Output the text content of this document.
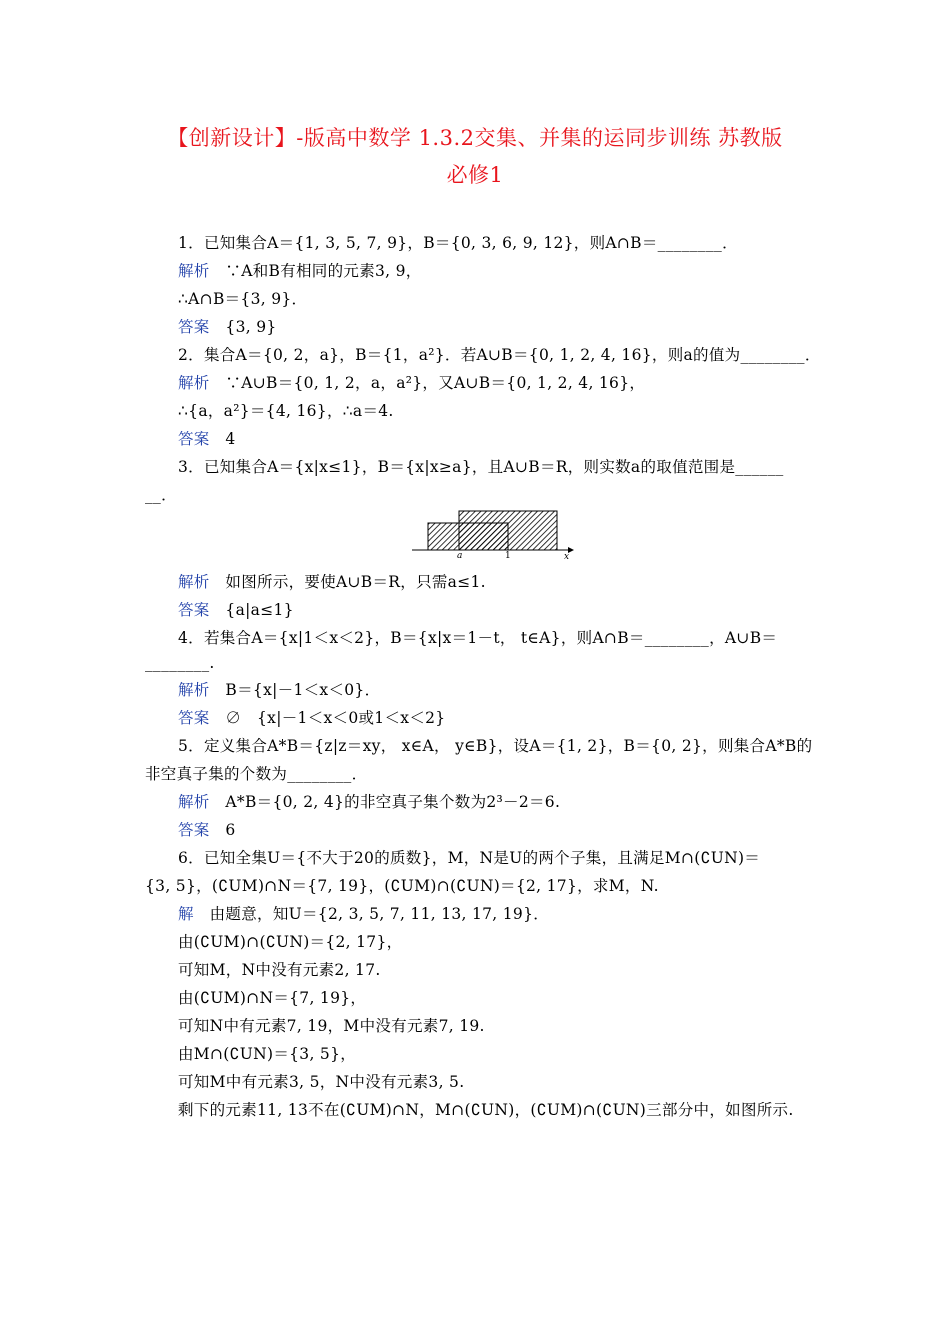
【创新设计】-版高中数学 1.3.2交集、并集的运同步训练 苏教版
必修1
1．已知集合A＝{1, 3, 5, 7, 9}，B＝{0, 3, 6, 9, 12}，则A∩B＝________．
解析　 ∵A和B有相同的元素3, 9，
∴A∩B＝{3, 9}．
答案　 {3, 9}
2．集合A＝{0, 2，a}，B＝{1，a²}．若A∪B＝{0, 1, 2, 4, 16}，则a的值为________．
解析　 ∵A∪B＝{0, 1, 2，a，a²}，又A∪B＝{0, 1, 2, 4, 16}，
∴{a，a²}＝{4, 16}，∴a＝4.
答案　 4
3．已知集合A＝{x|x≤1}，B＝{x|x≥a}，且A∪B＝R，则实数a的取值范围是______
__．
a	1	x
解析　 如图所示，要使A∪B＝R，只需a≤1.
答案　 {a|a≤1}
4．若集合A＝{x|1＜x＜2}，B＝{x|x＝1－t， t∈A}，则A∩B＝________，A∪B＝
________.
解析　 B＝{x|－1＜x＜0}．
答案　 ∅　{x|－1＜x＜0或1＜x＜2}
5．定义集合A*B＝{z|z＝xy， x∈A， y∈B}，设A＝{1, 2}，B＝{0, 2}，则集合A*B的
非空真子集的个数为________．
解析　 A*B＝{0, 2, 4}的非空真子集个数为2³－2＝6.
答案　 6
6．已知全集U＝{不大于20的质数}，M，N是U的两个子集，且满足M∩(∁UN)＝
{3, 5}，(∁UM)∩N＝{7, 19}，(∁UM)∩(∁UN)＝{2, 17}，求M，N.
解　 由题意，知U＝{2, 3, 5, 7, 11, 13, 17, 19}．
由(∁UM)∩(∁UN)＝{2, 17}，
可知M，N中没有元素2, 17.
由(∁UM)∩N＝{7, 19}，
可知N中有元素7, 19，M中没有元素7, 19.
由M∩(∁UN)＝{3, 5}，
可知M中有元素3, 5，N中没有元素3, 5.
剩下的元素11, 13不在(∁UM)∩N，M∩(∁UN)，(∁UM)∩(∁UN)三部分中，如图所示.
